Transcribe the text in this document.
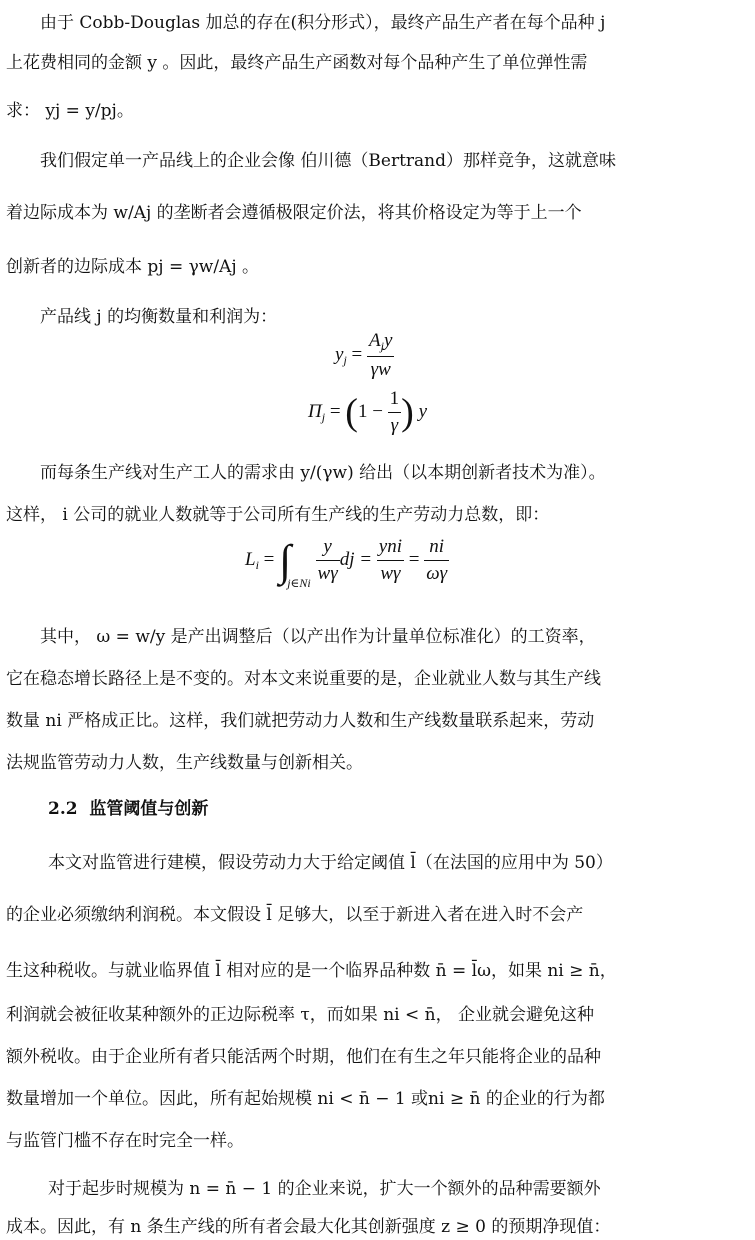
由于 Cobb-Douglas 加总的存在(积分形式），最终产品生产者在每个品种 j
上花费相同的金额 y 。因此，最终产品生产函数对每个品种产生了单位弹性需
求： yj = y/pj。
我们假定单一产品线上的企业会像 伯川德（Bertrand）那样竞争，这就意味
着边际成本为 w/Aj 的垄断者会遵循极限定价法，将其价格设定为等于上一个
创新者的边际成本 pj = γw/Aj 。
产品线 j 的均衡数量和利润为：
$y_j = \frac{A_jy}{\gamma w}$
$\Pi_j = (1 - \frac{1}{\gamma}$ ) y
而每条生产线对生产工人的需求由 y/(γw) 给出（以本期创新者技术为准）。
这样， i 公司的就业人数就等于公司所有生产线的生产劳动力总数，即：
$L_i = \int_{j\in Ni} \frac{y}{w\gamma}$ dj = $\frac{\text{yni}}{w\gamma} = \frac{ni}{\omega\gamma}$
其中， ω = w/y 是产出调整后（以产出作为计量单位标准化）的工资率，
它在稳态增长路径上是不变的。对本文来说重要的是，企业就业人数与其生产线
数量 ni 严格成正比。这样，我们就把劳动力人数和生产线数量联系起来，劳动
法规监管劳动力人数，生产线数量与创新相关。
2.2 监管阈值与创新
本文对监管进行建模，假设劳动力大于给定阈值 l̄（在法国的应用中为 50）
的企业必须缴纳利润税。本文假设 l̄ 足够大，以至于新进入者在进入时不会产
生这种税收。与就业临界值 l̄ 相对应的是一个临界品种数 n̄ = l̄ω，如果 ni ≥ n̄，
利润就会被征收某种额外的正边际税率 τ，而如果 ni < n̄， 企业就会避免这种
额外税收。由于企业所有者只能活两个时期，他们在有生之年只能将企业的品种
数量增加一个单位。因此，所有起始规模 ni < n̄ − 1 或ni ≥ n̄ 的企业的行为都
与监管门槛不存在时完全一样。
对于起步时规模为 n = n̄ − 1 的企业来说，扩大一个额外的品种需要额外
成本。因此，有 n 条生产线的所有者会最大化其创新强度 z ≥ 0 的预期净现值：
